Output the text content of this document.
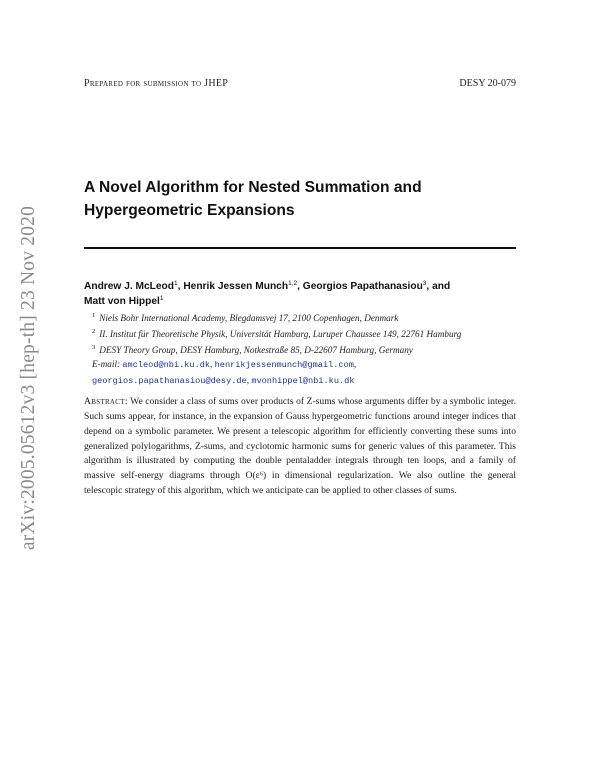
arXiv:2005.05612v3 [hep-th] 23 Nov 2020
Prepared for submission to JHEP	DESY 20-079
A Novel Algorithm for Nested Summation and Hypergeometric Expansions
Andrew J. McLeod$^1$, Henrik Jessen Munch$^{1,2}$, Georgios Papathanasiou$^3$, and
Matt von Hippel$^1$
$^1$ Niels Bohr International Academy, Blegdamsvej 17, 2100 Copenhagen, Denmark
$^2$ II. Institut für Theoretische Physik, Universität Hamburg, Luruper Chaussee 149, 22761 Hamburg
$^3$ DESY Theory Group, DESY Hamburg, Notkestraße 85, D-22607 Hamburg, Germany
E-mail: amcleod@nbi.ku.dk, henrikjessenmunch@gmail.com,
georgios.papathanasiou@desy.de, mvonhippel@nbi.ku.dk
Abstract: We consider a class of sums over products of Z-sums whose arguments differ by a symbolic integer. Such sums appear, for instance, in the expansion of Gauss hypergeometric functions around integer indices that depend on a symbolic parameter. We present a telescopic algorithm for efficiently converting these sums into generalized polylogarithms, Z-sums, and cyclotomic harmonic sums for generic values of this parameter. This algorithm is illustrated by computing the double pentaladder integrals through ten loops, and a family of massive self-energy diagrams through O(ε⁶) in dimensional regularization. We also outline the general telescopic strategy of this algorithm, which we anticipate can be applied to other classes of sums.
